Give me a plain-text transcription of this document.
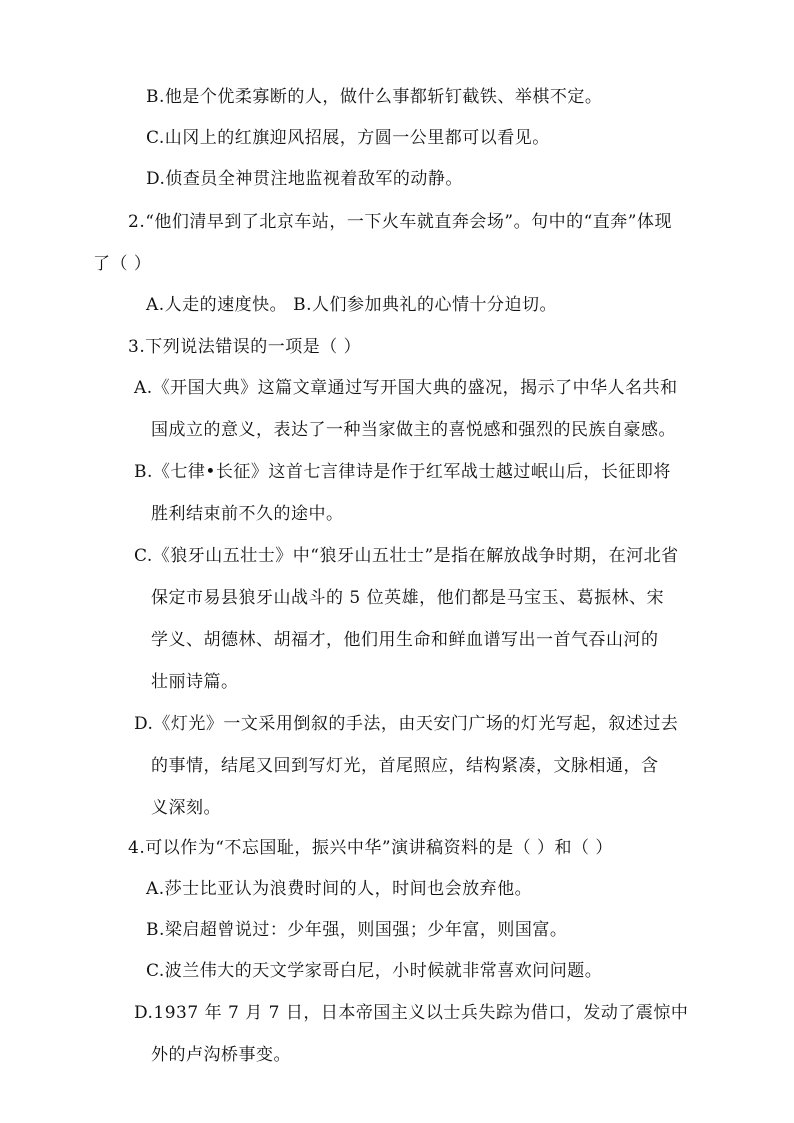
B.他是个优柔寡断的人，做什么事都斩钉截铁、举棋不定。
C.山冈上的红旗迎风招展，方圆一公里都可以看见。
D.侦查员全神贯注地监视着敌军的动静。
2.“他们清早到了北京车站，一下火车就直奔会场”。句中的“直奔”体现
了（ ）
A.人走的速度快。 B.人们参加典礼的心情十分迫切。
3.下列说法错误的一项是（ ）
A.《开国大典》这篇文章通过写开国大典的盛况，揭示了中华人名共和
国成立的意义，表达了一种当家做主的喜悦感和强烈的民族自豪感。
B.《七律•长征》这首七言律诗是作于红军战士越过岷山后，长征即将
胜利结束前不久的途中。
C.《狼牙山五壮士》中“狼牙山五壮士”是指在解放战争时期，在河北省
保定市易县狼牙山战斗的 5 位英雄，他们都是马宝玉、葛振林、宋
学义、胡德林、胡福才，他们用生命和鲜血谱写出一首气吞山河的
壮丽诗篇。
D.《灯光》一文采用倒叙的手法，由天安门广场的灯光写起，叙述过去
的事情，结尾又回到写灯光，首尾照应，结构紧凑，文脉相通，含
义深刻。
4.可以作为“不忘国耻，振兴中华”演讲稿资料的是（ ）和（ ）
A.莎士比亚认为浪费时间的人，时间也会放弃他。
B.梁启超曾说过：少年强，则国强；少年富，则国富。
C.波兰伟大的天文学家哥白尼，小时候就非常喜欢问问题。
D.1937 年 7 月 7 日，日本帝国主义以士兵失踪为借口，发动了震惊中
外的卢沟桥事变。
